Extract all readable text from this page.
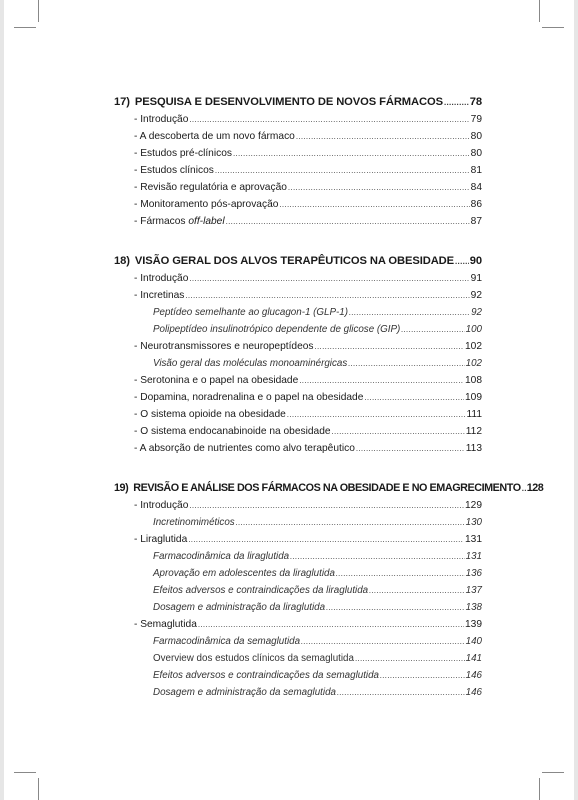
17) PESQUISA E DESENVOLVIMENTO DE NOVOS FÁRMACOS ..... 78
- Introdução .....	79
- A descoberta de um novo fármaco .....	80
- Estudos pré-clínicos .....	80
- Estudos clínicos .....	81
- Revisão regulatória e aprovação .....	84
- Monitoramento pós-aprovação .....	86
- Fármacos off-label .....	87
18) VISÃO GERAL DOS ALVOS TERAPÊUTICOS NA OBESIDADE ..... 90
- Introdução .....	91
- Incretinas .....	92
Peptídeo semelhante ao glucagon-1 (GLP-1) .....	92
Polipeptídeo insulinotrópico dependente de glicose (GIP) .....	100
- Neurotransmissores e neuropeptídeos .....	102
Visão geral das moléculas monoaminérgicas .....	102
- Serotonina e o papel na obesidade .....	108
- Dopamina, noradrenalina e o papel na obesidade .....	109
- O sistema opioide na obesidade .....	111
- O sistema endocanabinoide na obesidade .....	112
- A absorção de nutrientes como alvo terapêutico .....	113
19) REVISÃO E ANÁLISE DOS FÁRMACOS NA OBESIDADE E NO EMAGRECIMENTO ..... 128
- Introdução .....	129
Incretinomiméticos .....	130
- Liraglutida .....	131
Farmacodinâmica da liraglutida .....	131
Aprovação em adolescentes da liraglutida .....	136
Efeitos adversos e contraindicações da liraglutida .....	137
Dosagem e administração da liraglutida .....	138
- Semaglutida .....	139
Farmacodinâmica da semaglutida .....	140
Overview dos estudos clínicos da semaglutida .....	141
Efeitos adversos e contraindicações da semaglutida .....	146
Dosagem e administração da semaglutida .....	146
